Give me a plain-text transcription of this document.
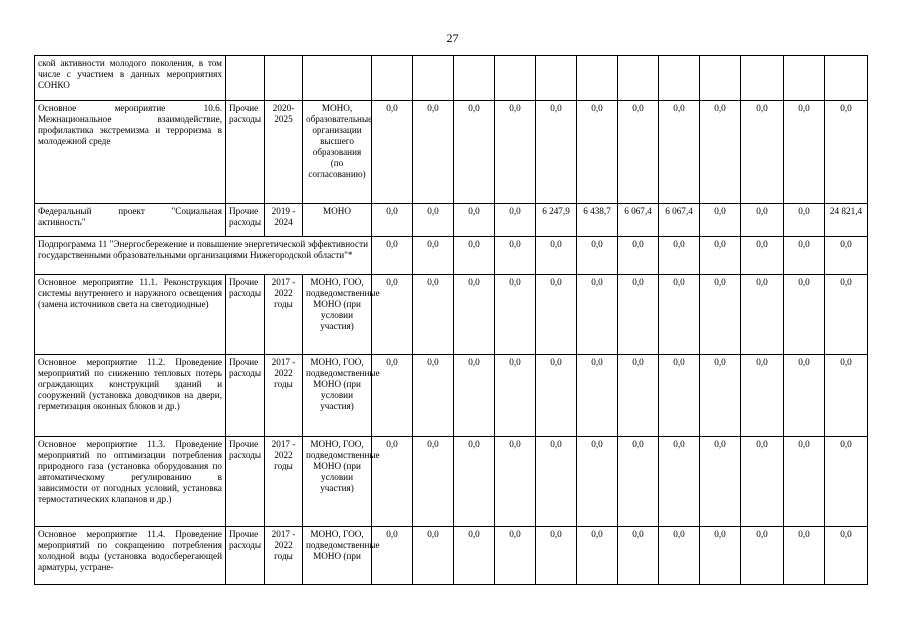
27
ской активности молодого поколения, в том числе с участием в данных мероприятиях СОНКО															
Основное мероприятие 10.6. Межнациональное взаимодействие, профилактика экстремизма и терроризма в молодежной среде	Прочие расходы	2020-2025	МОНО, образовательные организации высшего образования (по согласованию)	0,0	0,0	0,0	0,0	0,0	0,0	0,0	0,0	0,0	0,0	0,0	0,0
Федеральный проект "Социальная активность"	Прочие расходы	2019 - 2024	МОНО	0,0	0,0	0,0	0,0	6 247,9	6 438,7	6 067,4	6 067,4	0,0	0,0	0,0	24 821,4
Подпрограмма 11 "Энергосбережение и повышение энергетической эффективности государственными образовательными организациями Нижегородской области"*				0,0	0,0	0,0	0,0	0,0	0,0	0,0	0,0	0,0	0,0	0,0	0,0
Основное мероприятие 11.1. Реконструкция системы внутреннего и наружного освещения (замена источников света на светодиодные)	Прочие расходы	2017 - 2022 годы	МОНО, ГОО, подведомственные МОНО (при условии участия)	0,0	0,0	0,0	0,0	0,0	0,0	0,0	0,0	0,0	0,0	0,0	0,0
Основное мероприятие 11.2. Проведение мероприятий по снижению тепловых потерь ограждающих конструкций зданий и сооружений (установка доводчиков на двери, герметизация оконных блоков и др.)	Прочие расходы	2017 - 2022 годы	МОНО, ГОО, подведомственные МОНО (при условии участия)	0,0	0,0	0,0	0,0	0,0	0,0	0,0	0,0	0,0	0,0	0,0	0,0
Основное мероприятие 11.3. Проведение мероприятий по оптимизации потребления природного газа (установка оборудования по автоматическому регулированию в зависимости от погодных условий, установка термостатических клапанов и др.)	Прочие расходы	2017 - 2022 годы	МОНО, ГОО, подведомственные МОНО (при условии участия)	0,0	0,0	0,0	0,0	0,0	0,0	0,0	0,0	0,0	0,0	0,0	0,0
Основное мероприятие 11.4. Проведение мероприятий по сокращению потребления холодной воды (установка водосберегающей арматуры, устране-	Прочие расходы	2017 - 2022 годы	МОНО, ГОО, подведомственные МОНО (при	0,0	0,0	0,0	0,0	0,0	0,0	0,0	0,0	0,0	0,0	0,0	0,0
